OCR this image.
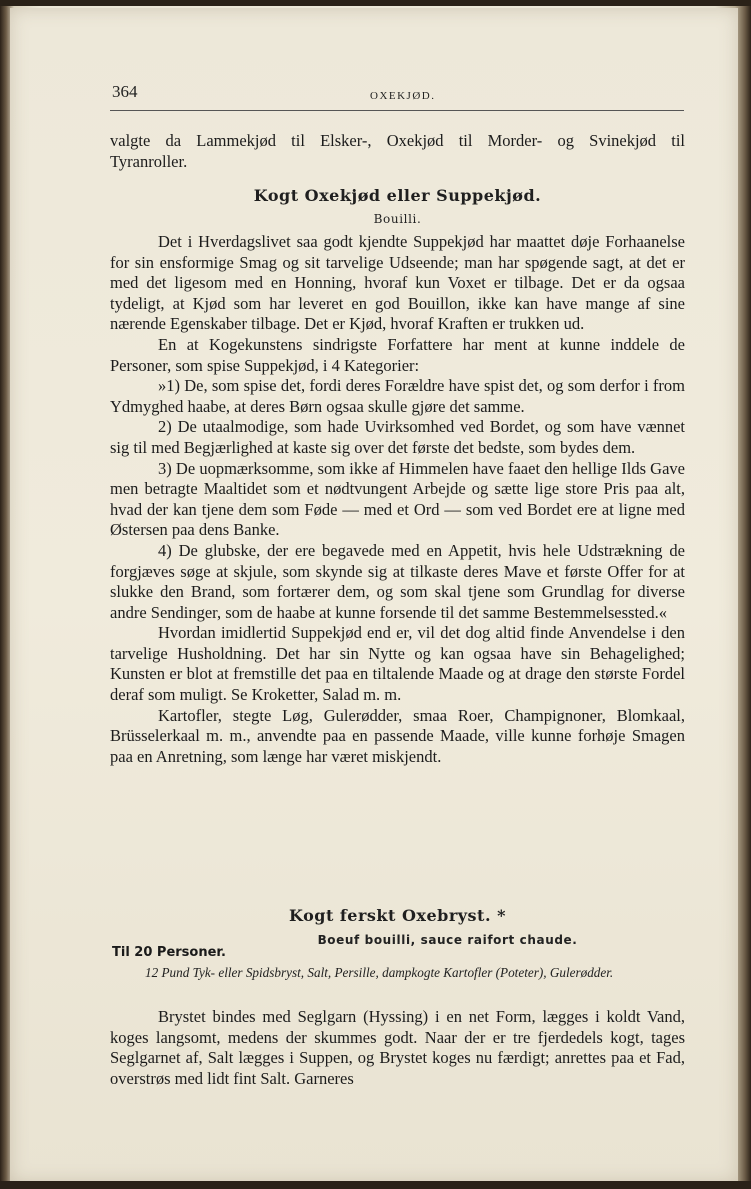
364	OXEKJØD.

valgte da Lammekjød til Elsker-, Oxekjød til Morder- og Svinekjød til

Tyranroller.

Kogt Oxekjød eller Suppekjød.
Bouilli.

Det i Hverdagslivet saa godt kjendte Suppekjød har maattet døje Forhaanelse for sin ensformige Smag og sit tarvelige Udseende; man har spøgende sagt, at det er med det ligesom med en Honning, hvoraf kun Voxet er tilbage. Det er da ogsaa tydeligt, at Kjød som har leveret en god Bouillon, ikke kan have mange af sine nærende Egenskaber tilbage. Det er Kjød, hvoraf Kraften er trukken ud.

En at Kogekunstens sindrigste Forfattere har ment at kunne inddele de Personer, som spise Suppekjød, i 4 Kategorier:

»1) De, som spise det, fordi deres Forældre have spist det, og som derfor i from Ydmyghed haabe, at deres Børn ogsaa skulle gjøre det samme.

2) De utaalmodige, som hade Uvirksomhed ved Bordet, og som have vænnet sig til med Begjærlighed at kaste sig over det første det bedste, som bydes dem.

3) De uopmærksomme, som ikke af Himmelen have faaet den hellige Ilds Gave men betragte Maaltidet som et nødtvungent Arbejde og sætte lige store Pris paa alt, hvad der kan tjene dem som Føde — med et Ord — som ved Bordet ere at ligne med Østersen paa dens Banke.

4) De glubske, der ere begavede med en Appetit, hvis hele Udstrækning de forgjæves søge at skjule, som skynde sig at tilkaste deres Mave et første Offer for at slukke den Brand, som fortærer dem, og som skal tjene som Grundlag for diverse andre Sendinger, som de haabe at kunne forsende til det samme Bestemmelsessted.«

Hvordan imidlertid Suppekjød end er, vil det dog altid finde Anvendelse i den tarvelige Husholdning. Det har sin Nytte og kan ogsaa have sin Behagelighed; Kunsten er blot at fremstille det paa en tiltalende Maade og at drage den største Fordel deraf som muligt. Se Kroketter, Salad m. m.

Kartofler, stegte Løg, Gulerødder, smaa Roer, Champignoner, Blomkaal, Brüsselerkaal m. m., anvendte paa en passende Maade, ville kunne forhøje Smagen paa en Anretning, som længe har været miskjendt.

Kogt ferskt Oxebryst. *
Boeuf bouilli, sauce raifort chaude.
Til 20 Personer.
12 Pund Tyk- eller Spidsbryst, Salt, Persille, dampkogte Kartofler (Poteter), Gulerødder.

Brystet bindes med Seglgarn (Hyssing) i en net Form, lægges i koldt Vand, koges langsomt, medens der skummes godt. Naar der er tre fjerdedels kogt, tages Seglgarnet af, Salt lægges i Suppen, og Brystet koges nu færdigt; anrettes paa et Fad, overstrøs med lidt fint Salt. Garneres
